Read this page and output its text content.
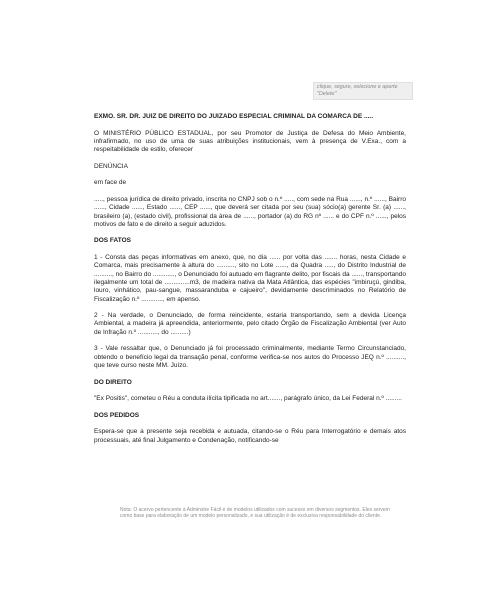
clique, segure, selecione e aperte "Delete"

EXMO. SR. DR. JUIZ DE DIREITO DO JUIZADO ESPECIAL CRIMINAL DA COMARCA DE .....

O MINISTÉRIO PÚBLICO ESTADUAL, por seu Promotor de Justiça de Defesa do Meio Ambiente, infrafirmado, no uso de uma de suas atribuições institucionais, vem à presença de V.Exa., com a respeitabilidade de estilo, oferecer

DENÚNCIA

em face de

....., pessoa jurídica de direito privado, inscrita no CNPJ sob o n.º ....., com sede na Rua ......, n.º ......, Bairro ......, Cidade ......, Estado ......, CEP ......, que deverá ser citada por seu (sua) sócio(a) gerente Sr. (a) ......, brasileiro (a), (estado civil), profissional da área de ......, portador (a) do RG nº ...... e do CPF n.º ......, pelos motivos de fato e de direito a seguir aduzidos.

DOS FATOS

1 - Consta das peças informativas em anexo, que, no dia ...... por volta das ....... horas, nesta Cidade e Comarca, mais precisamente à altura do .........., sito no Lote ......, da Quadra ....., do Distrito Industrial de .........., no Bairro do ............, o Denunciado foi autuado em flagrante delito, por fiscais da ......, transportando ilegalmente um total de ..............m3, de madeira nativa da Mata Atlântica, das espécies "imbiruçú, gindiba, louro, vinhático, pau-sangue, massaranduba e cajueiro", devidamente descriminados no Relatório de Fiscalização n.º ............, em apenso.

2 - Na verdade, o Denunciado, de forma reincidente, estaria transportando, sem a devida Licença Ambiental, a madeira já apreendida, anteriormente, pelo citado Órgão de Fiscalização Ambiental (ver Auto de Infração n.º ..........., do ..........)

3 - Vale ressaltar que, o Denunciado já foi processado criminalmente, mediante Termo Circunstanciado, obtendo o benefício legal da transação penal, conforme verifica-se nos autos do Processo JEQ n.º .........., que teve curso neste MM. Juízo.

DO DIREITO

"Ex Positis", cometeu o Réu a conduta ilícita tipificada no art......., parágrafo único, da Lei Federal n.º .........

DOS PEDIDOS

Espera-se que a presente seja recebida e autuada, citando-se o Réu para Interrogatório e demais atos processuais, até final Julgamento e Condenação, notificando-se

Nota: O acervo pertencente à Adminstre Fácil é de modelos utilizados com sucesso em diversos segmentos. Eles servem como base para elaboração de um modelo personalizado, e sua utilização é de exclusiva responsabilidade do cliente.
